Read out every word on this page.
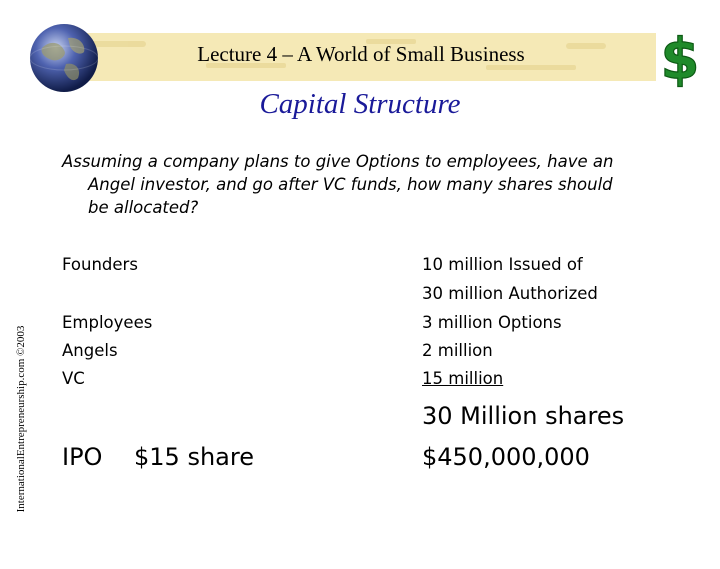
Lecture 4 – A World of Small Business	$
Capital Structure
InternationalEntrepreneurship.com ©2003
Assuming a company plans to give Options to employees, have an
Angel investor, and go after VC funds, how many shares should
be allocated?
Founders
Employees
Angels
VC
10 million Issued of
30 million Authorized
3 million Options
2 million
15 million
IPO $15 share
30 Million shares
$450,000,000
